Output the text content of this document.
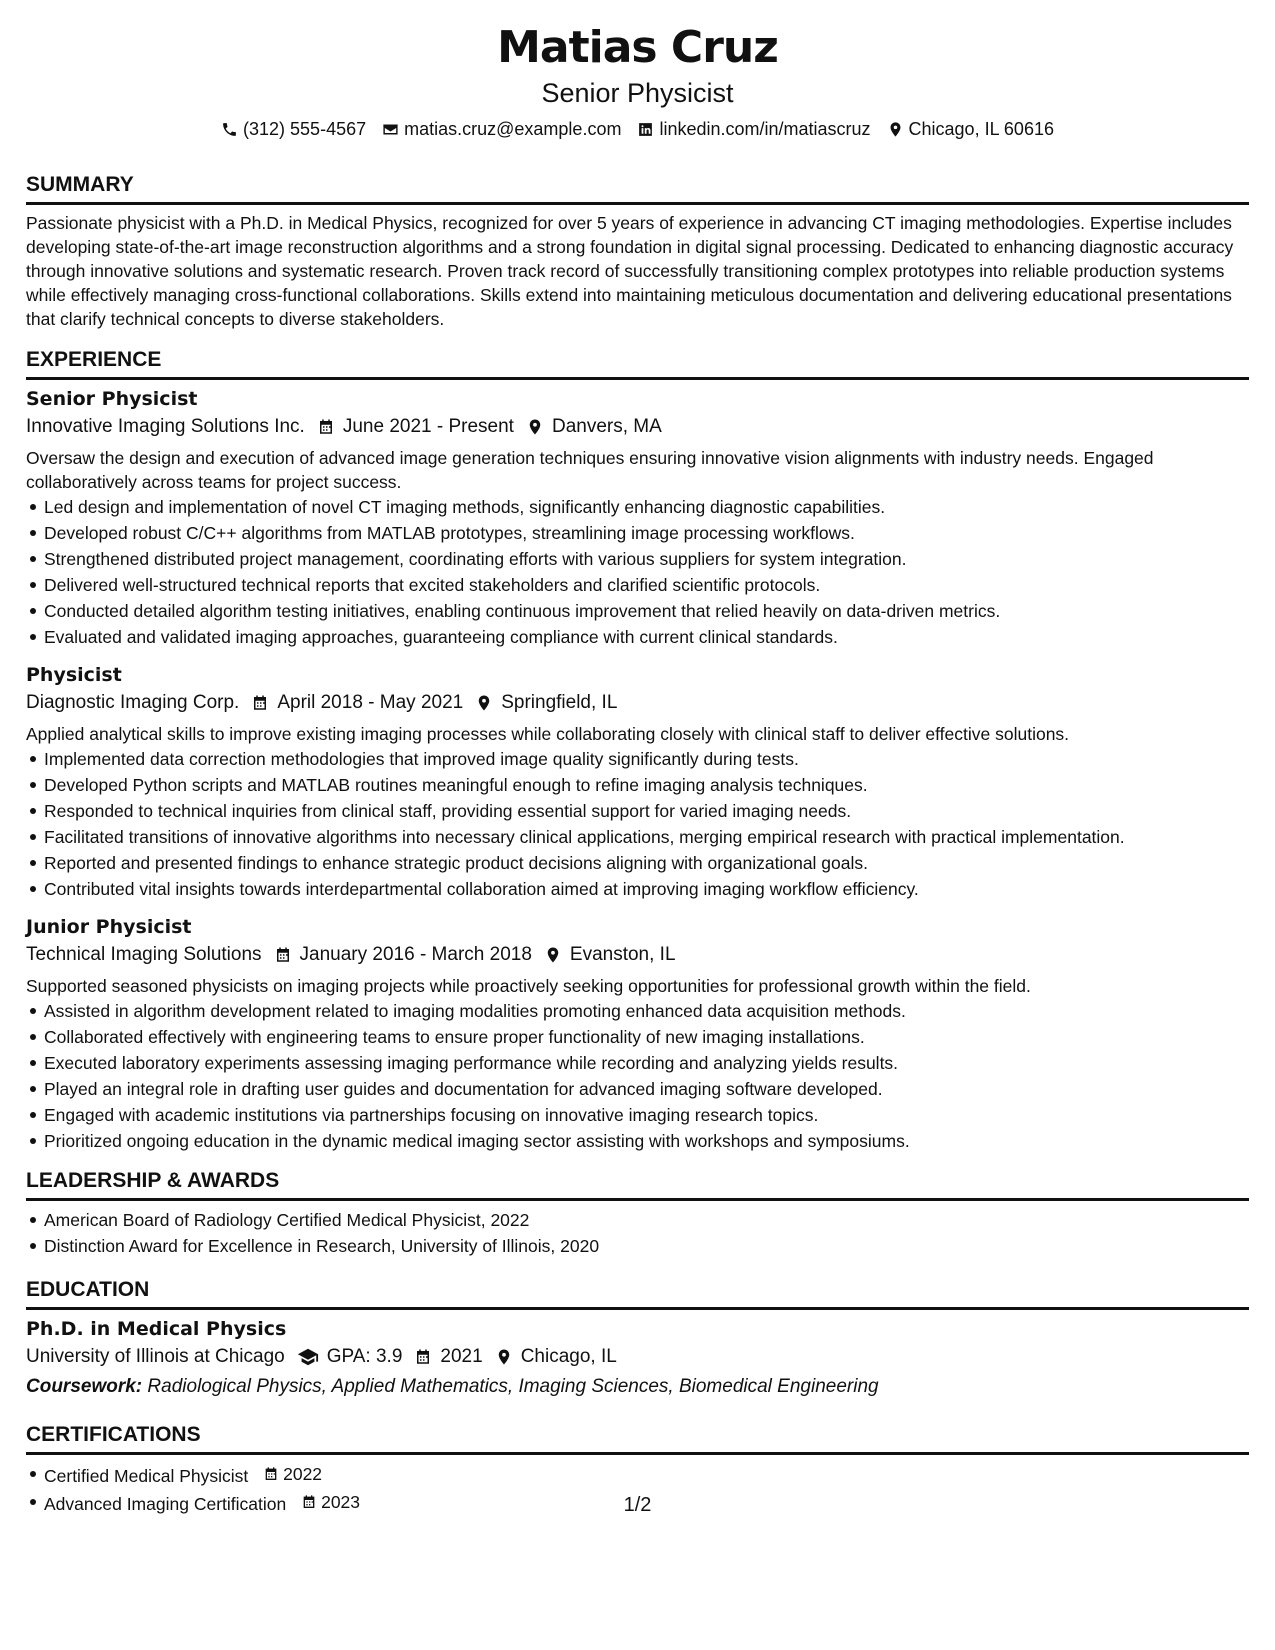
Matias Cruz
Senior Physicist
(312) 555-4567 matias.cruz@example.com linkedin.com/in/matiascruz Chicago, IL 60616
SUMMARY

Passionate physicist with a Ph.D. in Medical Physics, recognized for over 5 years of experience in advancing CT imaging methodologies. Expertise includes developing state-of-the-art image reconstruction algorithms and a strong foundation in digital signal processing. Dedicated to enhancing diagnostic accuracy through innovative solutions and systematic research. Proven track record of successfully transitioning complex prototypes into reliable production systems while effectively managing cross-functional collaborations. Skills extend into maintaining meticulous documentation and delivering educational presentations that clarify technical concepts to diverse stakeholders.

EXPERIENCE
Senior Physicist
Innovative Imaging Solutions Inc. June 2021 - Present Danvers, MA

Oversaw the design and execution of advanced image generation techniques ensuring innovative vision alignments with industry needs. Engaged collaboratively across teams for project success.

Led design and implementation of novel CT imaging methods, significantly enhancing diagnostic capabilities.
Developed robust C/C++ algorithms from MATLAB prototypes, streamlining image processing workflows.
Strengthened distributed project management, coordinating efforts with various suppliers for system integration.
Delivered well-structured technical reports that excited stakeholders and clarified scientific protocols.
Conducted detailed algorithm testing initiatives, enabling continuous improvement that relied heavily on data-driven metrics.
Evaluated and validated imaging approaches, guaranteeing compliance with current clinical standards.
Physicist
Diagnostic Imaging Corp. April 2018 - May 2021 Springfield, IL

Applied analytical skills to improve existing imaging processes while collaborating closely with clinical staff to deliver effective solutions.

Implemented data correction methodologies that improved image quality significantly during tests.
Developed Python scripts and MATLAB routines meaningful enough to refine imaging analysis techniques.
Responded to technical inquiries from clinical staff, providing essential support for varied imaging needs.
Facilitated transitions of innovative algorithms into necessary clinical applications, merging empirical research with practical implementation.
Reported and presented findings to enhance strategic product decisions aligning with organizational goals.
Contributed vital insights towards interdepartmental collaboration aimed at improving imaging workflow efficiency.
Junior Physicist
Technical Imaging Solutions January 2016 - March 2018 Evanston, IL

Supported seasoned physicists on imaging projects while proactively seeking opportunities for professional growth within the field.

Assisted in algorithm development related to imaging modalities promoting enhanced data acquisition methods.
Collaborated effectively with engineering teams to ensure proper functionality of new imaging installations.
Executed laboratory experiments assessing imaging performance while recording and analyzing yields results.
Played an integral role in drafting user guides and documentation for advanced imaging software developed.
Engaged with academic institutions via partnerships focusing on innovative imaging research topics.
Prioritized ongoing education in the dynamic medical imaging sector assisting with workshops and symposiums.
LEADERSHIP & AWARDS
American Board of Radiology Certified Medical Physicist, 2022
Distinction Award for Excellence in Research, University of Illinois, 2020
EDUCATION
Ph.D. in Medical Physics
University of Illinois at Chicago GPA: 3.9 2021 Chicago, IL
Coursework: Radiological Physics, Applied Mathematics, Imaging Sciences, Biomedical Engineering
CERTIFICATIONS
Certified Medical Physicist 2022
Advanced Imaging Certification 2023	1/2
